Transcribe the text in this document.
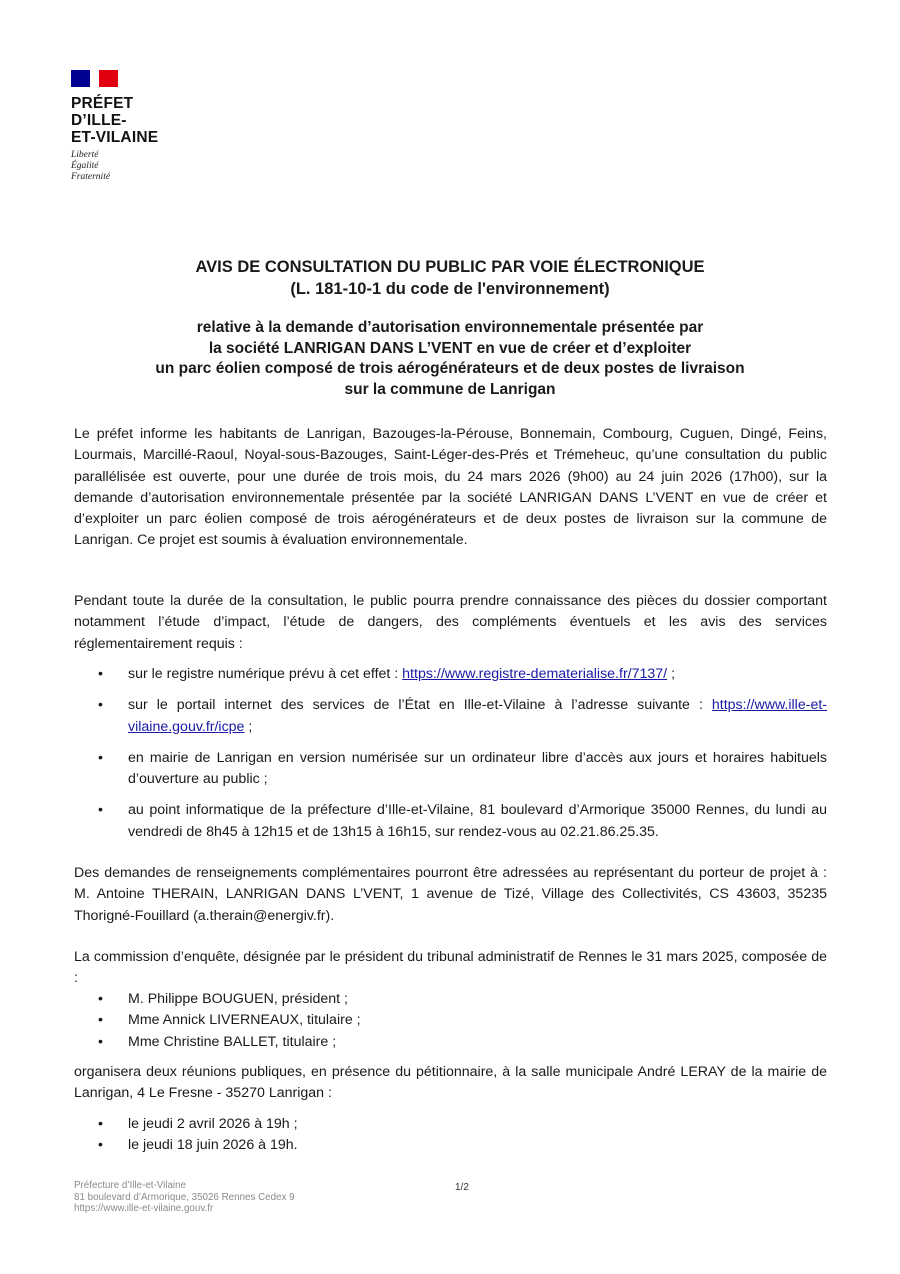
PRÉFET
D’ILLE-
ET-VILAINE
Liberté
Égalité
Fraternité
AVIS DE CONSULTATION DU PUBLIC PAR VOIE ÉLECTRONIQUE
(L. 181-10-1 du code de l'environnement)
relative à la demande d’autorisation environnementale présentée par
la société LANRIGAN DANS L’VENT en vue de créer et d’exploiter
un parc éolien composé de trois aérogénérateurs et de deux postes de livraison
sur la commune de Lanrigan
Le préfet informe les habitants de Lanrigan, Bazouges-la-Pérouse, Bonnemain, Combourg, Cuguen, Dingé, Feins, Lourmais, Marcillé-Raoul, Noyal-sous-Bazouges, Saint-Léger-des-Prés et Trémeheuc, qu’une consultation du public parallélisée est ouverte, pour une durée de trois mois, du 24 mars 2026 (9h00) au 24 juin 2026 (17h00), sur la demande d’autorisation environnementale présentée par la société LANRIGAN DANS L’VENT en vue de créer et d’exploiter un parc éolien composé de trois aérogénérateurs et de deux postes de livraison sur la commune de Lanrigan. Ce projet est soumis à évaluation environnementale.
Pendant toute la durée de la consultation, le public pourra prendre connaissance des pièces du dossier comportant notamment l’étude d’impact, l’étude de dangers, des compléments éventuels et les avis des services réglementairement requis :
• sur le registre numérique prévu à cet effet : https://www.registre-dematerialise.fr/7137/ ;
• sur le portail internet des services de l’État en Ille-et-Vilaine à l’adresse suivante : https://www.ille-et-vilaine.gouv.fr/icpe ;
• en mairie de Lanrigan en version numérisée sur un ordinateur libre d’accès aux jours et horaires habituels d’ouverture au public ;
• au point informatique de la préfecture d’Ille-et-Vilaine, 81 boulevard d’Armorique 35000 Rennes, du lundi au vendredi de 8h45 à 12h15 et de 13h15 à 16h15, sur rendez-vous au 02.21.86.25.35.
Des demandes de renseignements complémentaires pourront être adressées au représentant du porteur de projet à : M. Antoine THERAIN, LANRIGAN DANS L’VENT, 1 avenue de Tizé, Village des Collectivités, CS 43603, 35235 Thorigné-Fouillard (a.therain@energiv.fr).
La commission d’enquête, désignée par le président du tribunal administratif de Rennes le 31 mars 2025, composée de :
• M. Philippe BOUGUEN, président ;
• Mme Annick LIVERNEAUX, titulaire ;
• Mme Christine BALLET, titulaire ;
organisera deux réunions publiques, en présence du pétitionnaire, à la salle municipale André LERAY de la mairie de Lanrigan, 4 Le Fresne - 35270 Lanrigan :
• le jeudi 2 avril 2026 à 19h ;
• le jeudi 18 juin 2026 à 19h.
Préfecture d’Ille-et-Vilaine
81 boulevard d’Armorique, 35026 Rennes Cedex 9
https://www.ille-et-vilaine.gouv.fr
1/2
